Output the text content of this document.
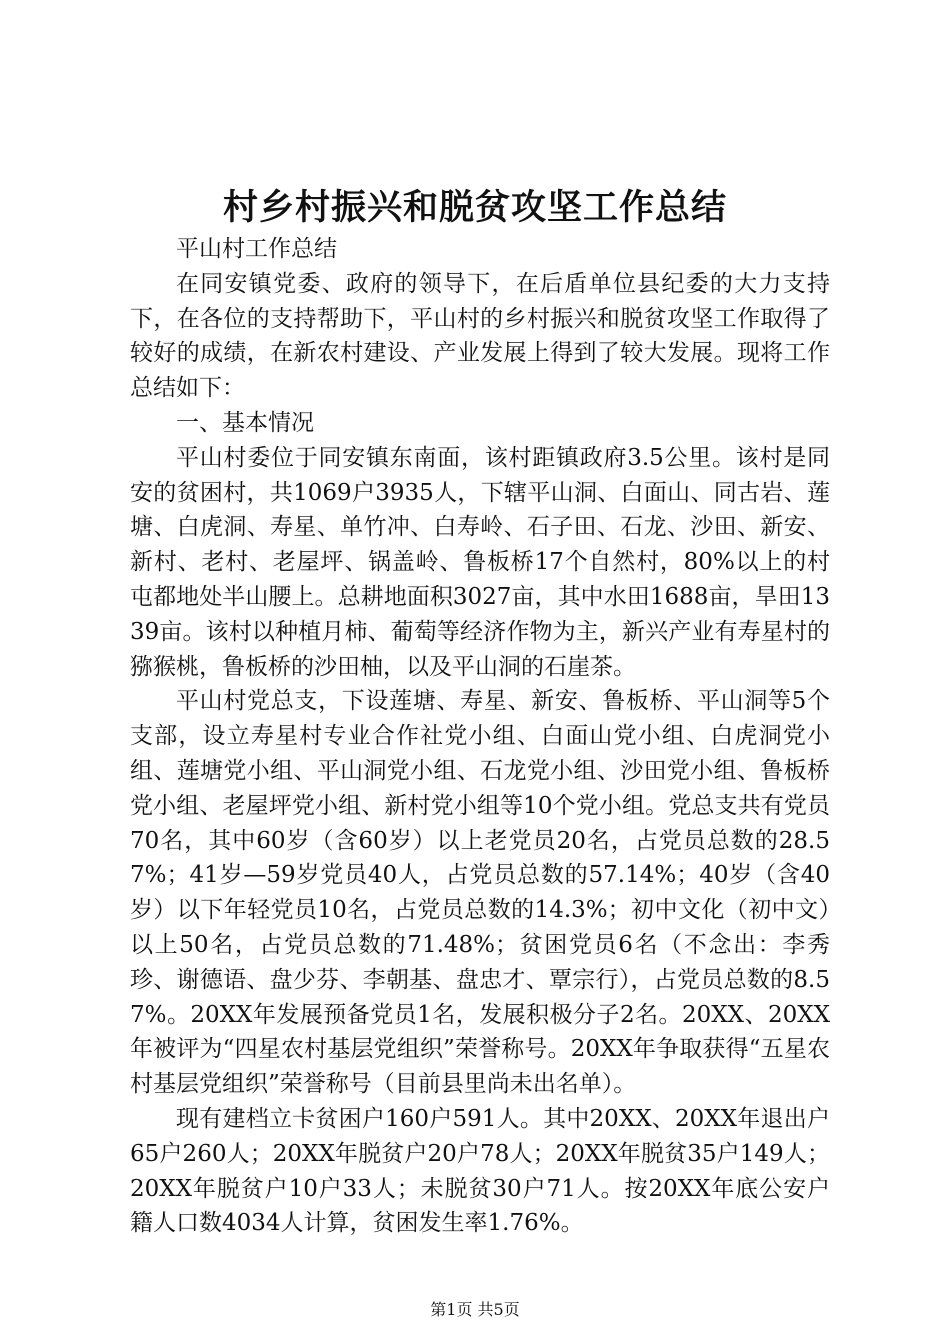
村乡村振兴和脱贫攻坚工作总结

平山村工作总结

在同安镇党委、政府的领导下，在后盾单位县纪委的大力支持下，在各位的支持帮助下，平山村的乡村振兴和脱贫攻坚工作取得了较好的成绩，在新农村建设、产业发展上得到了较大发展。现将工作总结如下：

一、基本情况

平山村委位于同安镇东南面，该村距镇政府3.5公里。该村是同安的贫困村，共1069户3935人，下辖平山洞、白面山、同古岩、莲塘、白虎洞、寿星、单竹冲、白寿岭、石子田、石龙、沙田、新安、新村、老村、老屋坪、锅盖岭、鲁板桥17个自然村，80%以上的村屯都地处半山腰上。总耕地面积3027亩，其中水田1688亩，旱田1339亩。该村以种植月柿、葡萄等经济作物为主，新兴产业有寿星村的猕猴桃，鲁板桥的沙田柚，以及平山洞的石崖茶。

平山村党总支，下设莲塘、寿星、新安、鲁板桥、平山洞等5个支部，设立寿星村专业合作社党小组、白面山党小组、白虎洞党小组、莲塘党小组、平山洞党小组、石龙党小组、沙田党小组、鲁板桥党小组、老屋坪党小组、新村党小组等10个党小组。党总支共有党员70名，其中60岁（含60岁）以上老党员20名，占党员总数的28.57%；41岁—59岁党员40人，占党员总数的57.14%；40岁（含40岁）以下年轻党员10名，占党员总数的14.3%；初中文化（初中文）以上50名，占党员总数的71.48%；贫困党员6名（不念出：李秀珍、谢德语、盘少芬、李朝基、盘忠才、覃宗行），占党员总数的8.57%。20XX年发展预备党员1名，发展积极分子2名。20XX、20XX年被评为“四星农村基层党组织”荣誉称号。20XX年争取获得“五星农村基层党组织”荣誉称号（目前县里尚未出名单）。

现有建档立卡贫困户160户591人。其中20XX、20XX年退出户65户260人；20XX年脱贫户20户78人；20XX年脱贫35户149人；20XX年脱贫户10户33人；未脱贫30户71人。按20XX年底公安户籍人口数4034人计算，贫困发生率1.76%。

第1页 共5页
